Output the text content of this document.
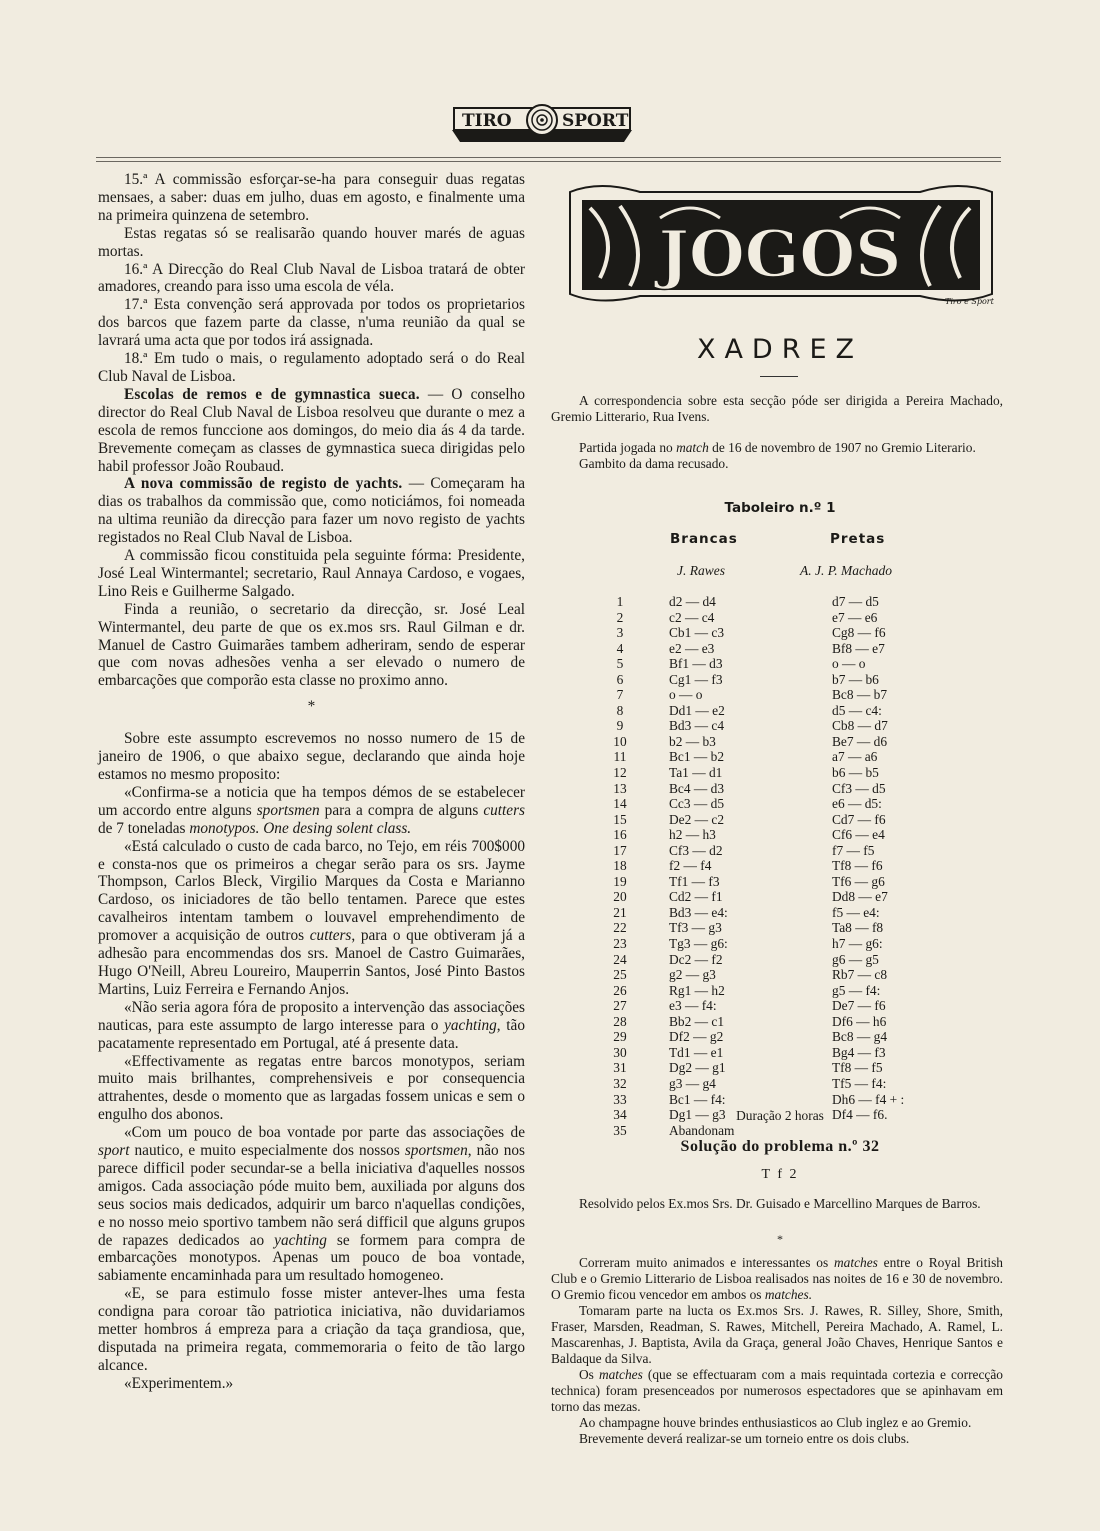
TIRO	SPORT

15.ª A commissão esforçar-se-ha para conseguir duas regatas mensaes, a saber: duas em julho, duas em agosto, e finalmente uma na primeira quinzena de setembro.

Estas regatas só se realisarão quando houver marés de aguas mortas.

16.ª A Direcção do Real Club Naval de Lisboa tratará de obter amadores, creando para isso uma escola de véla.

17.ª Esta convenção será approvada por todos os proprietarios dos barcos que fazem parte da classe, n'uma reunião da qual se lavrará uma acta que por todos irá assignada.

18.ª Em tudo o mais, o regulamento adoptado será o do Real Club Naval de Lisboa.

Escolas de remos e de gymnastica sueca. — O conselho director do Real Club Naval de Lisboa resolveu que durante o mez a escola de remos funccione aos domingos, do meio dia ás 4 da tarde. Brevemente começam as classes de gymnastica sueca dirigidas pelo habil professor João Roubaud.

A nova commissão de registo de yachts. — Começaram ha dias os trabalhos da commissão que, como noticiámos, foi nomeada na ultima reunião da direcção para fazer um novo registo de yachts registados no Real Club Naval de Lisboa.

A commissão ficou constituida pela seguinte fórma: Presidente, José Leal Wintermantel; secretario, Raul Annaya Cardoso, e vogaes, Lino Reis e Guilherme Salgado.

Finda a reunião, o secretario da direcção, sr. José Leal Wintermantel, deu parte de que os ex.mos srs. Raul Gilman e dr. Manuel de Castro Guimarães tambem adheriram, sendo de esperar que com novas adhesões venha a ser elevado o numero de embarcações que comporão esta classe no proximo anno.

*

Sobre este assumpto escrevemos no nosso numero de 15 de janeiro de 1906, o que abaixo segue, declarando que ainda hoje estamos no mesmo proposito:

«Confirma-se a noticia que ha tempos démos de se estabelecer um accordo entre alguns sportsmen para a compra de alguns cutters de 7 toneladas monotypos. One desing solent class.

«Está calculado o custo de cada barco, no Tejo, em réis 700$000 e consta-nos que os primeiros a chegar serão para os srs. Jayme Thompson, Carlos Bleck, Virgilio Marques da Costa e Marianno Cardoso, os iniciadores de tão bello tentamen. Parece que estes cavalheiros intentam tambem o louvavel emprehendimento de promover a acquisição de outros cutters, para o que obtiveram já a adhesão para encommendas dos srs. Manoel de Castro Guimarães, Hugo O'Neill, Abreu Loureiro, Mauperrin Santos, José Pinto Bastos Martins, Luiz Ferreira e Fernando Anjos.

«Não seria agora fóra de proposito a intervenção das associações nauticas, para este assumpto de largo interesse para o yachting, tão pacatamente representado em Portugal, até á presente data.

«Effectivamente as regatas entre barcos monotypos, seriam muito mais brilhantes, comprehensiveis e por consequencia attrahentes, desde o momento que as largadas fossem unicas e sem o engulho dos abonos.

«Com um pouco de boa vontade por parte das associações de sport nautico, e muito especialmente dos nossos sportsmen, não nos parece difficil poder secundar-se a bella iniciativa d'aquelles nossos amigos. Cada associação póde muito bem, auxiliada por alguns dos seus socios mais dedicados, adquirir um barco n'aquellas condições, e no nosso meio sportivo tambem não será difficil que alguns grupos de rapazes dedicados ao yachting se formem para compra de embarcações monotypos. Apenas um pouco de boa vontade, sabiamente encaminhada para um resultado homogeneo.

«E, se para estimulo fosse mister antever-lhes uma festa condigna para coroar tão patriotica iniciativa, não duvidariamos metter hombros á empreza para a criação da taça grandiosa, que, disputada na primeira regata, commemoraria o feito de tão largo alcance.

«Experimentem.»

JOGOS
Tiro e Sport
XADREZ

A correspondencia sobre esta secção póde ser dirigida a Pereira Machado, Gremio Litterario, Rua Ivens.

Partida jogada no match de 16 de novembro de 1907 no Gremio Literario.

Gambito da dama recusado.

Taboleiro n.º 1
Brancas	Pretas
J. Rawes	A. J. P. Machado
1	d2 — d4	d7 — d5
2	c2 — c4	e7 — e6
3	Cb1 — c3	Cg8 — f6
4	e2 — e3	Bf8 — e7
5	Bf1 — d3	o — o
6	Cg1 — f3	b7 — b6
7	o — o	Bc8 — b7
8	Dd1 — e2	d5 — c4:
9	Bd3 — c4	Cb8 — d7
10	b2 — b3	Be7 — d6
11	Bc1 — b2	a7 — a6
12	Ta1 — d1	b6 — b5
13	Bc4 — d3	Cf3 — d5
14	Cc3 — d5	e6 — d5:
15	De2 — c2	Cd7 — f6
16	h2 — h3	Cf6 — e4
17	Cf3 — d2	f7 — f5
18	f2 — f4	Tf8 — f6
19	Tf1 — f3	Tf6 — g6
20	Cd2 — f1	Dd8 — e7
21	Bd3 — e4:	f5 — e4:
22	Tf3 — g3	Ta8 — f8
23	Tg3 — g6:	h7 — g6:
24	Dc2 — f2	g6 — g5
25	g2 — g3	Rb7 — c8
26	Rg1 — h2	g5 — f4:
27	e3 — f4:	De7 — f6
28	Bb2 — c1	Df6 — h6
29	Df2 — g2	Bc8 — g4
30	Td1 — e1	Bg4 — f3
31	Dg2 — g1	Tf8 — f5
32	g3 — g4	Tf5 — f4:
33	Bc1 — f4:	Dh6 — f4 + :
34	Dg1 — g3	Df4 — f6.
35	Abandonam
Duração 2 horas
Solução do problema n.º 32
T f 2

Resolvido pelos Ex.mos Srs. Dr. Guisado e Marcellino Marques de Barros.

*

Correram muito animados e interessantes os matches entre o Royal British Club e o Gremio Litterario de Lisboa realisados nas noites de 16 e 30 de novembro. O Gremio ficou vencedor em ambos os matches.

Tomaram parte na lucta os Ex.mos Srs. J. Rawes, R. Silley, Shore, Smith, Fraser, Marsden, Readman, S. Rawes, Mitchell, Pereira Machado, A. Ramel, L. Mascarenhas, J. Baptista, Avila da Graça, general João Chaves, Henrique Santos e Baldaque da Silva.

Os matches (que se effectuaram com a mais requintada cortezia e correcção technica) foram presenceados por numerosos espectadores que se apinhavam em torno das mezas.

Ao champagne houve brindes enthusiasticos ao Club inglez e ao Gremio.

Brevemente deverá realizar-se um torneio entre os dois clubs.
